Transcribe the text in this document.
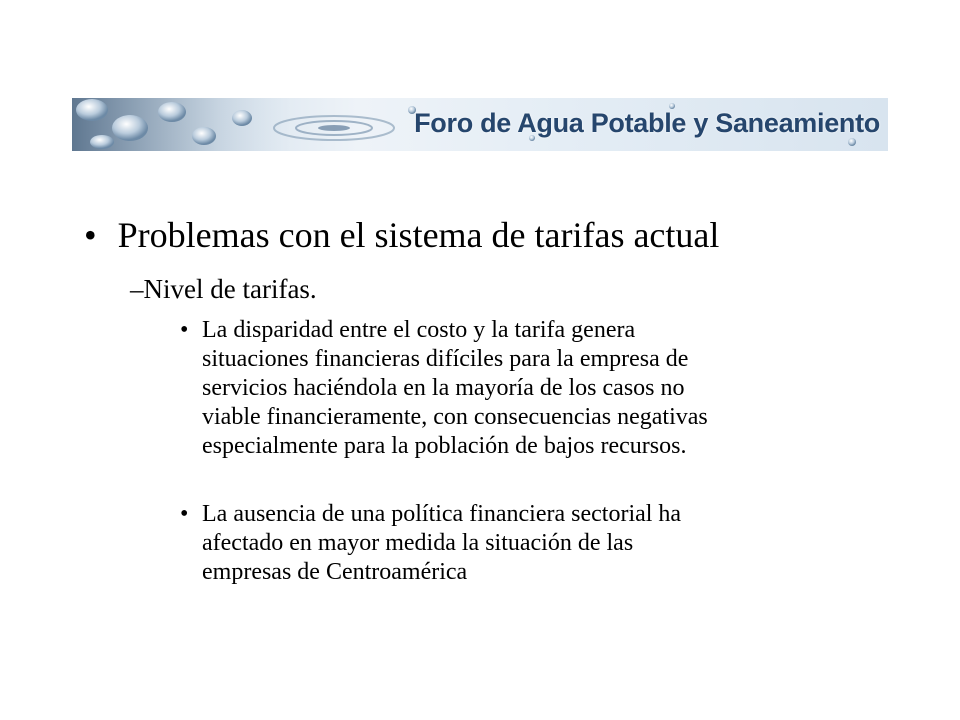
Foro de Agua Potable y Saneamiento
• Problemas con el sistema de tarifas actual
–Nivel de tarifas.
• La disparidad entre el costo y la tarifa genera
situaciones financieras difíciles para la empresa de
servicios haciéndola en la mayoría de los casos no
viable financieramente, con consecuencias negativas
especialmente para la población de bajos recursos.
• La ausencia de una política financiera sectorial ha
afectado en mayor medida la situación de las
empresas de Centroamérica
